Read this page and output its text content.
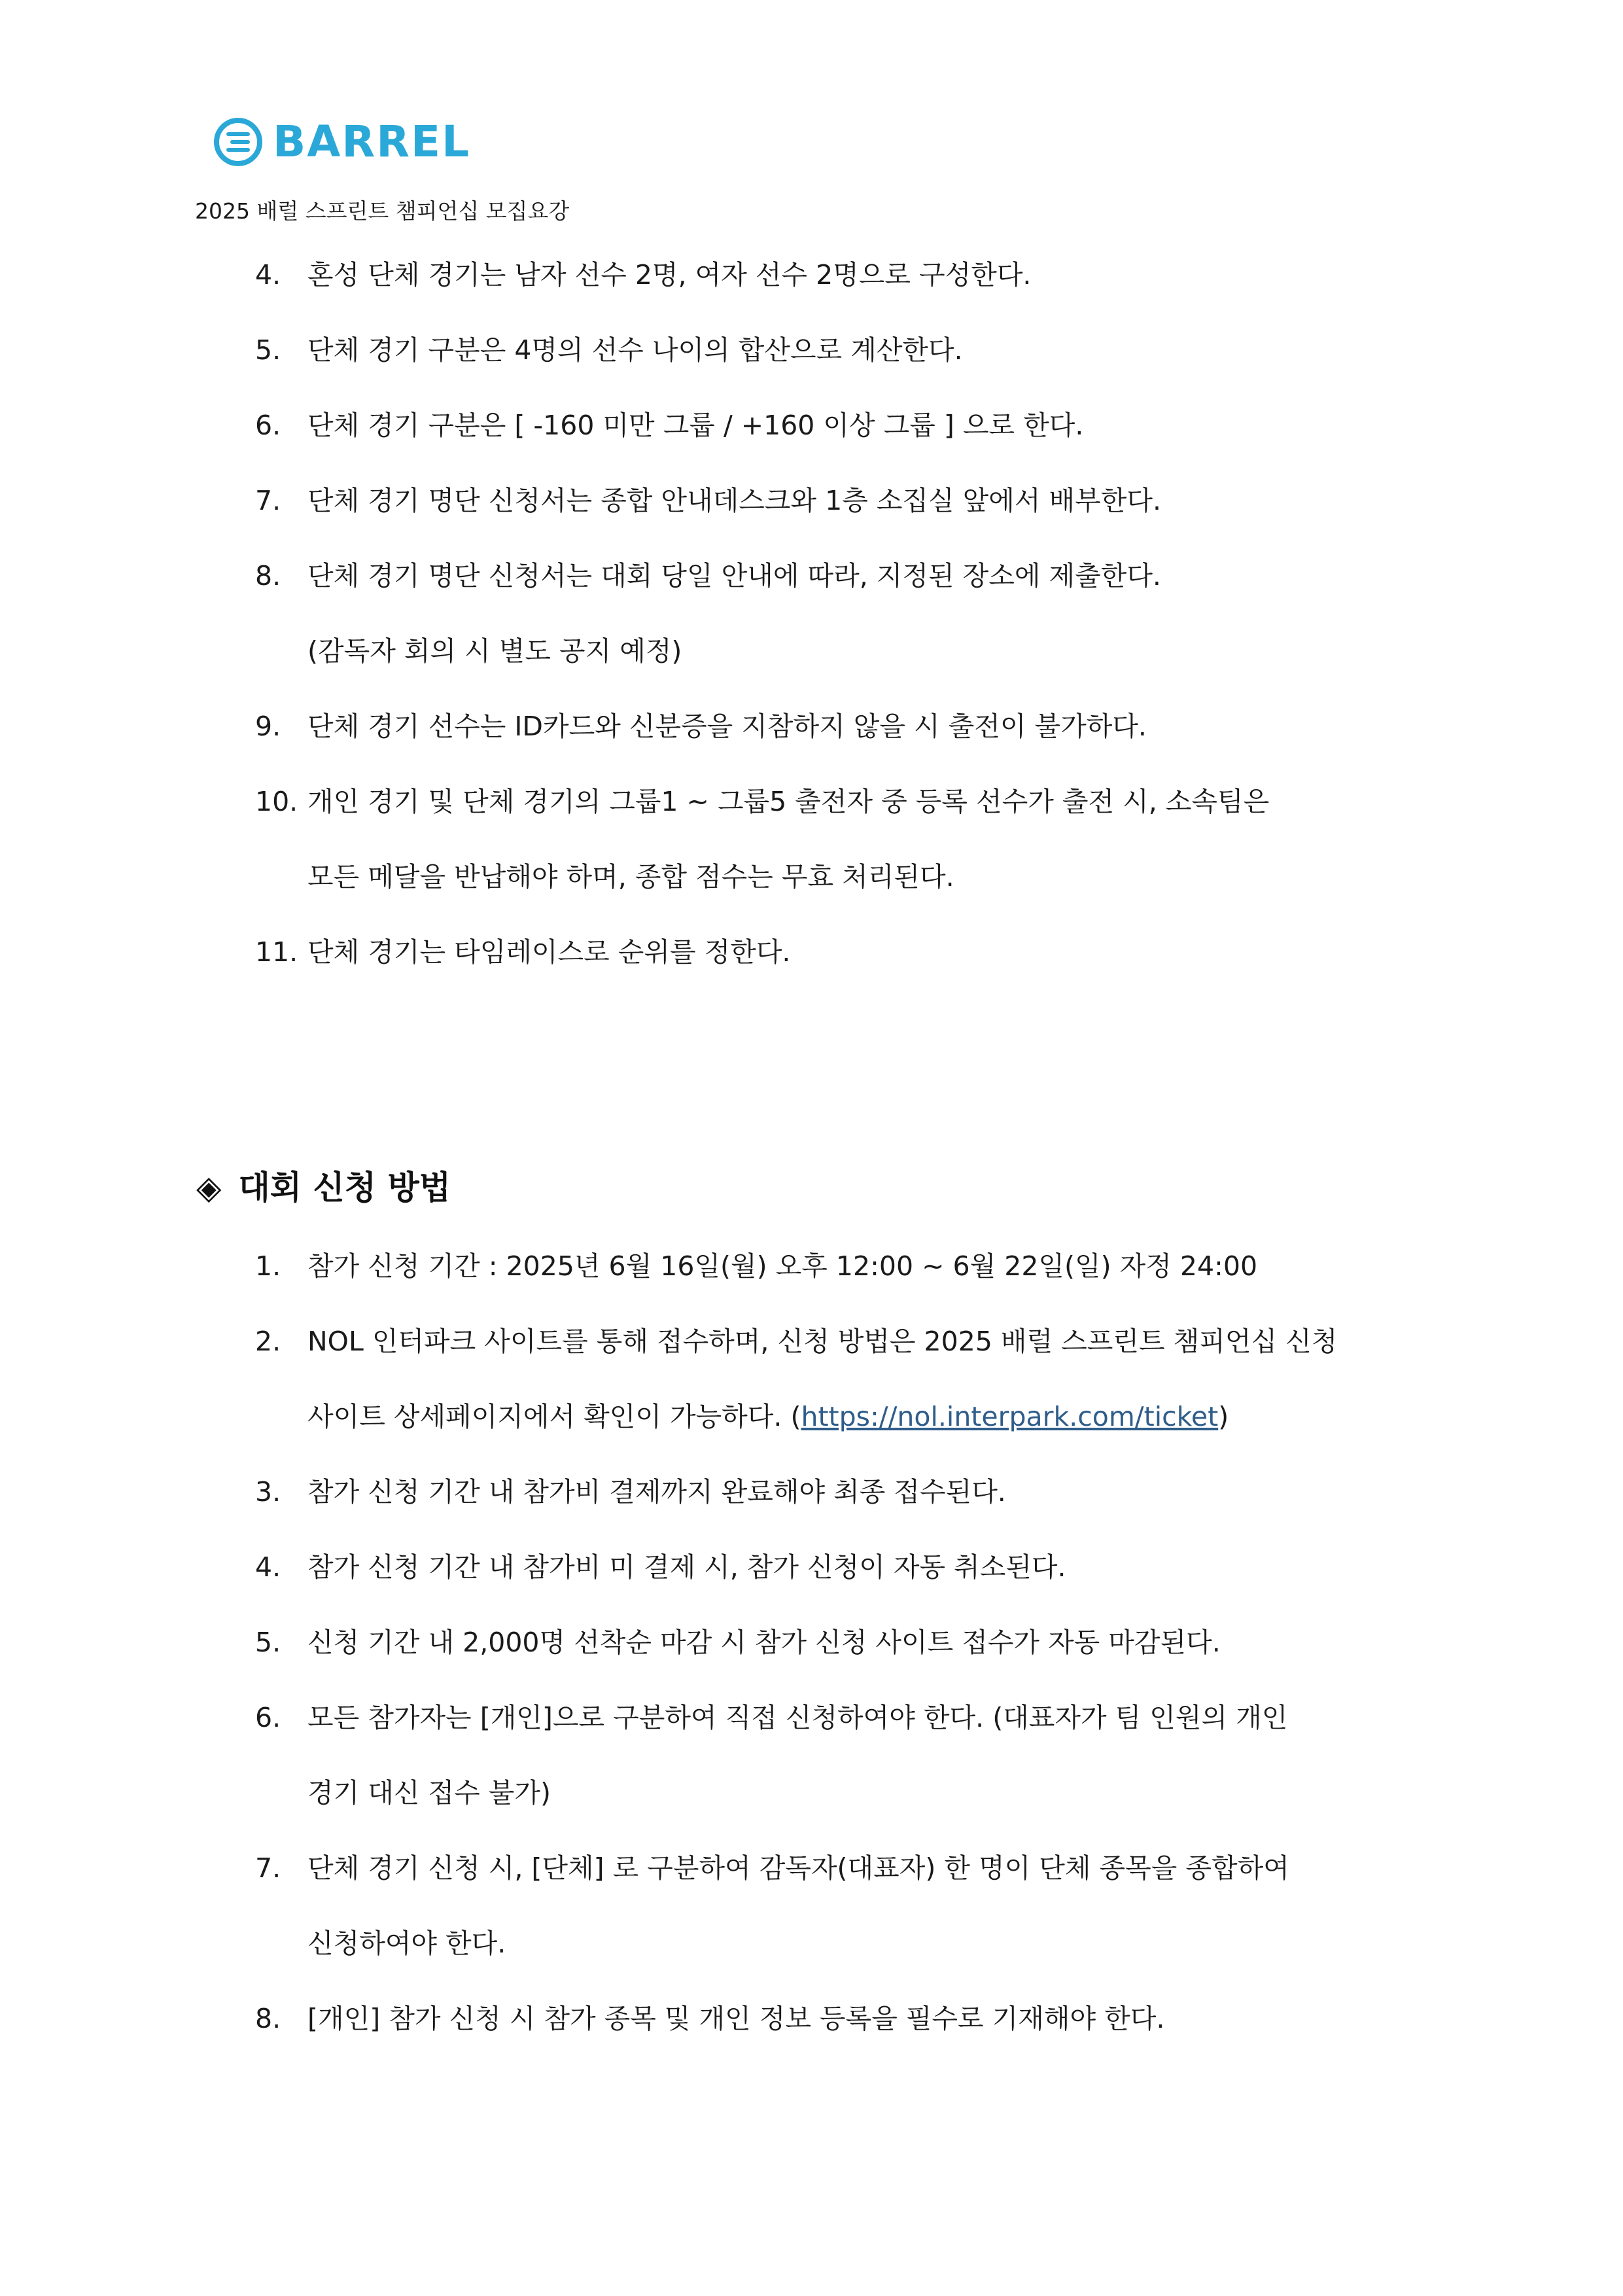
BARREL
2025 배럴 스프린트 챔피언십 모집요강
4. 혼성 단체 경기는 남자 선수 2명, 여자 선수 2명으로 구성한다.
5. 단체 경기 구분은 4명의 선수 나이의 합산으로 계산한다.
6. 단체 경기 구분은 [ -160 미만 그룹 / +160 이상 그룹 ] 으로 한다.
7. 단체 경기 명단 신청서는 종합 안내데스크와 1층 소집실 앞에서 배부한다.
8. 단체 경기 명단 신청서는 대회 당일 안내에 따라, 지정된 장소에 제출한다.
(감독자 회의 시 별도 공지 예정)
9. 단체 경기 선수는 ID카드와 신분증을 지참하지 않을 시 출전이 불가하다.
10. 개인 경기 및 단체 경기의 그룹1 ~ 그룹5 출전자 중 등록 선수가 출전 시, 소속팀은
모든 메달을 반납해야 하며, 종합 점수는 무효 처리된다.
11. 단체 경기는 타임레이스로 순위를 정한다.
◈ 대회 신청 방법
1. 참가 신청 기간 : 2025년 6월 16일(월) 오후 12:00 ~ 6월 22일(일) 자정 24:00
2. NOL 인터파크 사이트를 통해 접수하며, 신청 방법은 2025 배럴 스프린트 챔피언십 신청
사이트 상세페이지에서 확인이 가능하다. (https://nol.interpark.com/ticket)
3. 참가 신청 기간 내 참가비 결제까지 완료해야 최종 접수된다.
4. 참가 신청 기간 내 참가비 미 결제 시, 참가 신청이 자동 취소된다.
5. 신청 기간 내 2,000명 선착순 마감 시 참가 신청 사이트 접수가 자동 마감된다.
6. 모든 참가자는 [개인]으로 구분하여 직접 신청하여야 한다. (대표자가 팀 인원의 개인
경기 대신 접수 불가)
7. 단체 경기 신청 시, [단체] 로 구분하여 감독자(대표자) 한 명이 단체 종목을 종합하여
신청하여야 한다.
8. [개인] 참가 신청 시 참가 종목 및 개인 정보 등록을 필수로 기재해야 한다.
